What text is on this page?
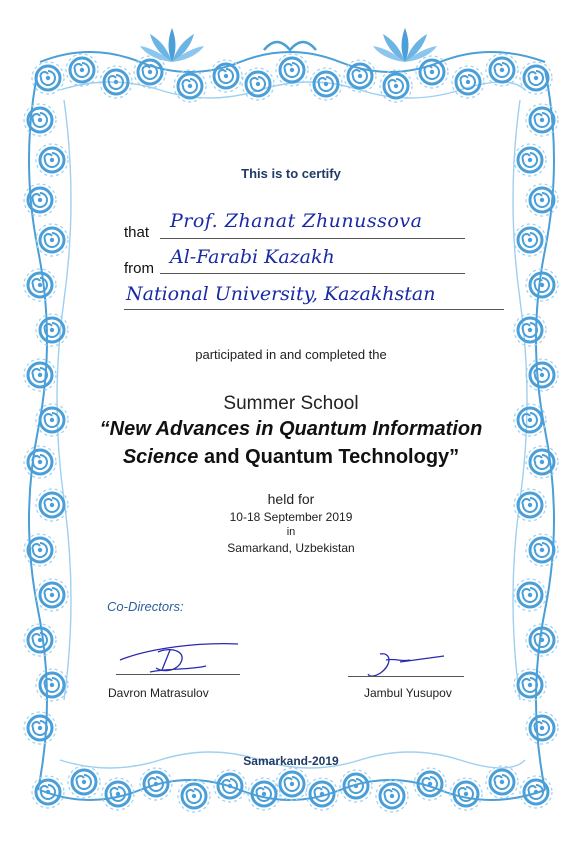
This is to certify

that
Prof. Zhanat Zhunussova
from
Al-Farabi Kazakh
National University, Kazakhstan

participated in and completed the

Summer School

“New Advances in Quantum Information

Science and Quantum Technology”

held for

10-18 September 2019

in

Samarkand, Uzbekistan

Co-Directors:
Davron Matrasulov	Jambul Yusupov

Samarkand-2019
